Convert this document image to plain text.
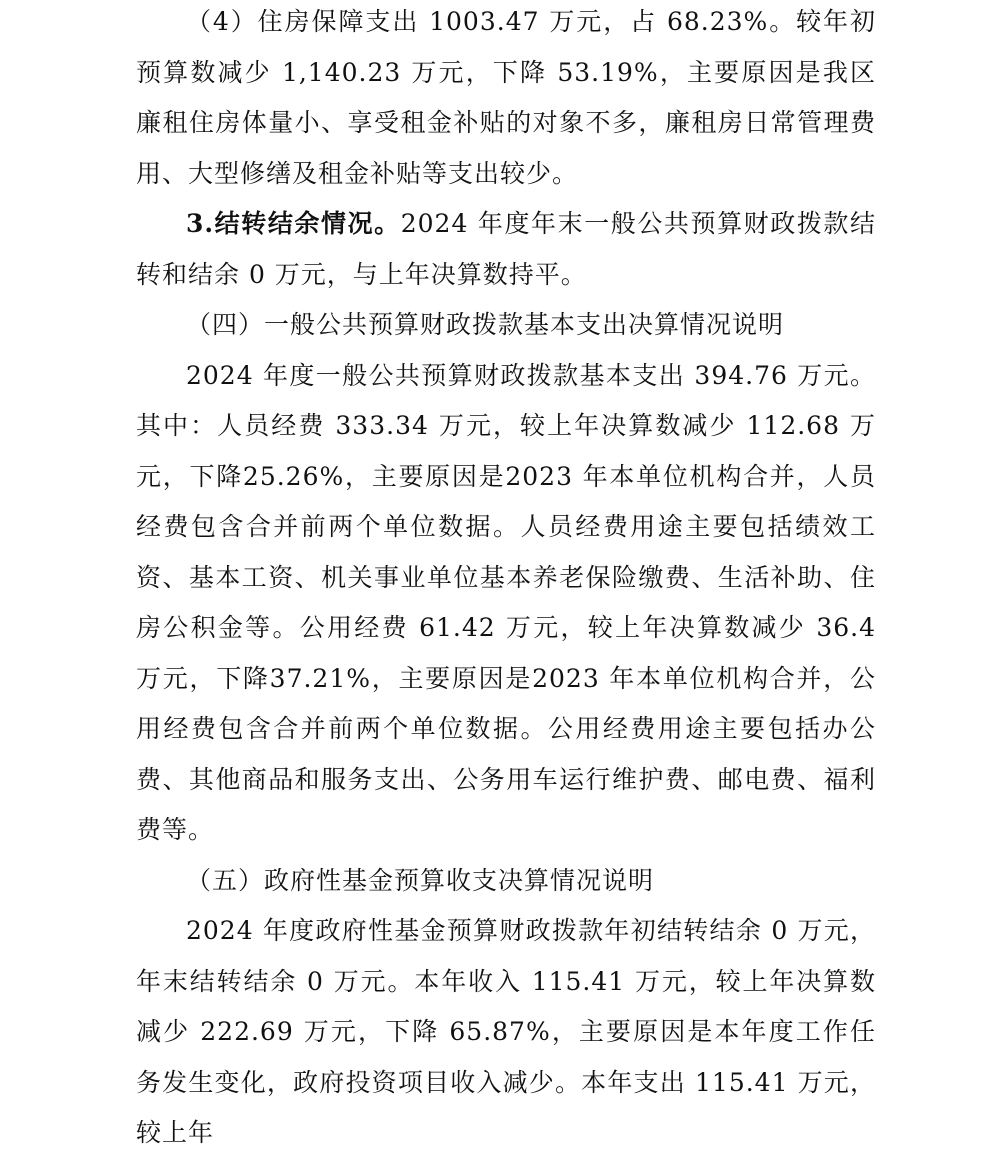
（4）住房保障支出 1003.47 万元，占 68.23%。较年初预算数减少 1,140.23 万元，下降 53.19%，主要原因是我区廉租住房体量小、享受租金补贴的对象不多，廉租房日常管理费用、大型修缮及租金补贴等支出较少。

3.结转结余情况。2024 年度年末一般公共预算财政拨款结转和结余 0 万元，与上年决算数持平。

（四）一般公共预算财政拨款基本支出决算情况说明

2024 年度一般公共预算财政拨款基本支出 394.76 万元。其中：人员经费 333.34 万元，较上年决算数减少 112.68 万元，下降25.26%，主要原因是2023 年本单位机构合并，人员经费包含合并前两个单位数据。人员经费用途主要包括绩效工资、基本工资、机关事业单位基本养老保险缴费、生活补助、住房公积金等。公用经费 61.42 万元，较上年决算数减少 36.4 万元，下降37.21%，主要原因是2023 年本单位机构合并，公用经费包含合并前两个单位数据。公用经费用途主要包括办公费、其他商品和服务支出、公务用车运行维护费、邮电费、福利费等。

（五）政府性基金预算收支决算情况说明

2024 年度政府性基金预算财政拨款年初结转结余 0 万元，年末结转结余 0 万元。本年收入 115.41 万元，较上年决算数减少 222.69 万元，下降 65.87%，主要原因是本年度工作任务发生变化，政府投资项目收入减少。本年支出 115.41 万元，较上年
